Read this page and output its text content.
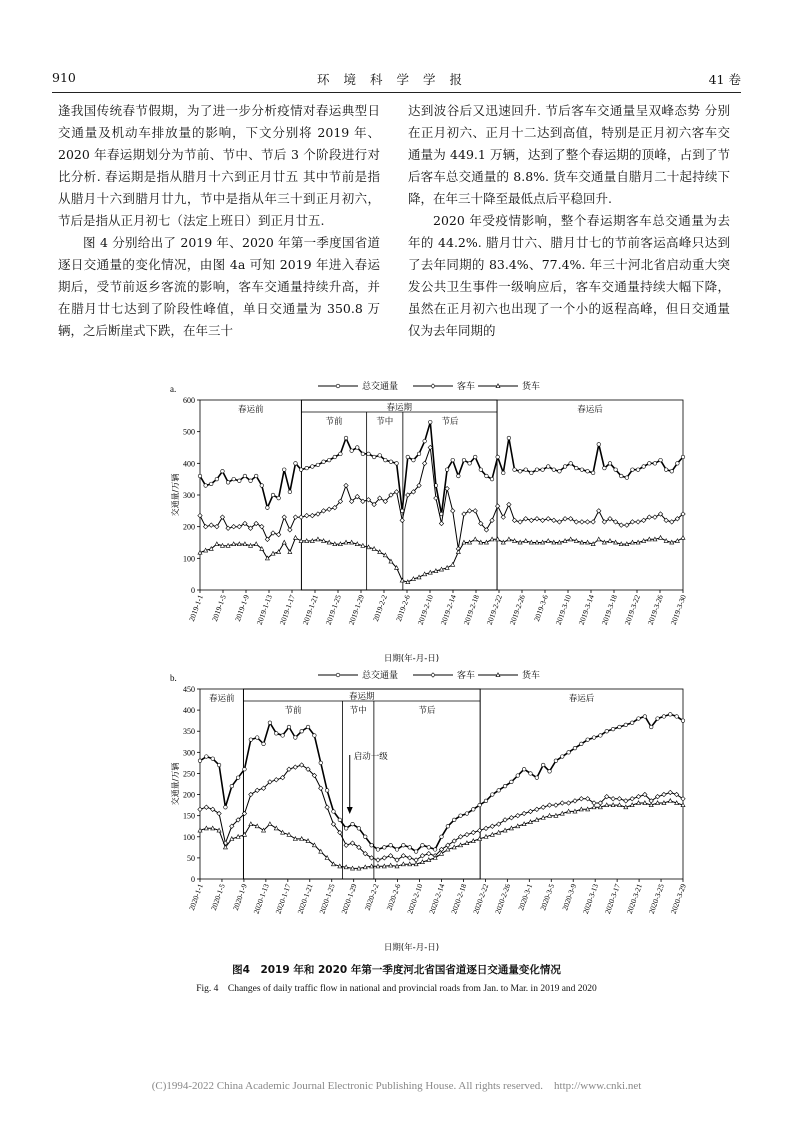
910	环境科学学报	41 卷

逢我国传统春节假期，为了进一步分析疫情对春运典型日交通量及机动车排放量的影响，下文分别将 2019 年、2020 年春运期划分为节前、节中、节后 3 个阶段进行对比分析. 春运期是指从腊月十六到正月廿五 其中节前是指从腊月十六到腊月廿九，节中是指从年三十到正月初六，节后是指从正月初七（法定上班日）到正月廿五.

图 4 分别给出了 2019 年、2020 年第一季度国省道逐日交通量的变化情况，由图 4a 可知 2019 年进入春运期后，受节前返乡客流的影响，客车交通量持续升高，并在腊月廿七达到了阶段性峰值，单日交通量为 350.8 万辆，之后断崖式下跌，在年三十

达到波谷后又迅速回升. 节后客车交通量呈双峰态势 分别在正月初六、正月十二达到高值，特别是正月初六客车交通量为 449.1 万辆，达到了整个春运期的顶峰，占到了节后客车总交通量的 8.8%. 货车交通量自腊月二十起持续下降，在年三十降至最低点后平稳回升.

2020 年受疫情影响，整个春运期客车总交通量为去年的 44.2%. 腊月廿六、腊月廿七的节前客运高峰只达到了去年同期的 83.4%、77.4%. 年三十河北省启动重大突发公共卫生事件一级响应后，客车交通量持续大幅下降，虽然在正月初六也出现了一个小的返程高峰，但日交通量仅为去年同期的

a.	总交通量	客车	货车
0
100
200
300
400
500
600
交通量/万辆
2019-1-1 2019-1-5 2019-1-9 2019-1-13 2019-1-17 2019-1-21 2019-1-25 2019-1-29 2019-2-2 2019-2-6 2019-2-10 2019-2-14 2019-2-18 2019-2-22 2019-2-26 2019-3-6 2019-3-10 2019-3-14 2019-3-18 2019-3-22 2019-3-26 2019-3-30
日期(年-月-日)
春运前	春运期
节前	节中	节后
春运后
b.	总交通量	客车	货车
0
50
100
150
200
250
300
350
400
450
交通量/万辆
2020-1-1 2020-1-5 2020-1-9 2020-1-13 2020-1-17 2020-1-21 2020-1-25 2020-1-29 2020-2-2 2020-2-6 2020-2-10 2020-2-14 2020-2-18 2020-2-22 2020-2-26 2020-3-1 2020-3-5 2020-3-9 2020-3-13 2020-3-17 2020-3-21 2020-3-25 2020-3-29
日期(年-月-日)
春运前	春运期
节前	节中	节后
春运后
启动一级
图4　2019 年和 2020 年第一季度河北省国省道逐日交通量变化情况
Fig. 4　Changes of daily traffic flow in national and provincial roads from Jan. to Mar. in 2019 and 2020
(C)1994-2022 China Academic Journal Electronic Publishing House. All rights reserved.　http://www.cnki.net
